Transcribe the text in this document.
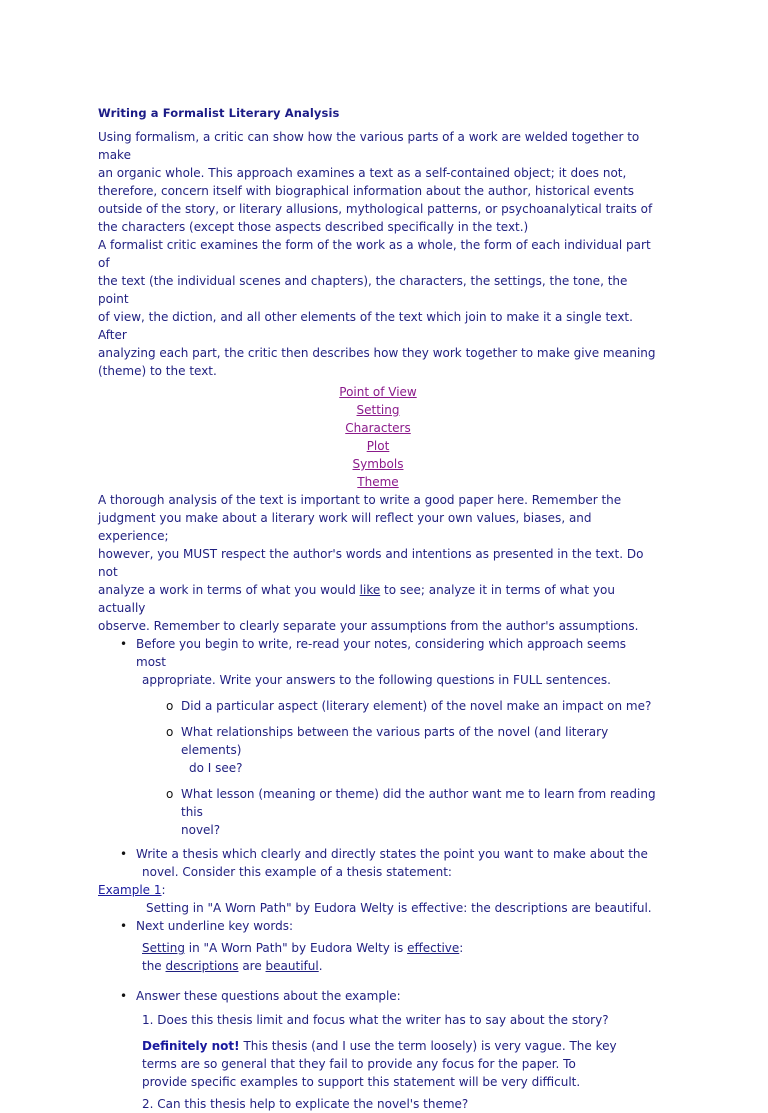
Writing a Formalist Literary Analysis

Using formalism, a critic can show how the various parts of a work are welded together to make
an organic whole. This approach examines a text as a self-contained object; it does not,
therefore, concern itself with biographical information about the author, historical events
outside of the story, or literary allusions, mythological patterns, or psychoanalytical traits of
the characters (except those aspects described specifically in the text.)
A formalist critic examines the form of the work as a whole, the form of each individual part of
the text (the individual scenes and chapters), the characters, the settings, the tone, the point
of view, the diction, and all other elements of the text which join to make it a single text. After
analyzing each part, the critic then describes how they work together to make give meaning
(theme) to the text.

Point of View
Setting
Characters
Plot
Symbols
Theme

A thorough analysis of the text is important to write a good paper here. Remember the
judgment you make about a literary work will reflect your own values, biases, and experience;
however, you MUST respect the author's words and intentions as presented in the text. Do not
analyze a work in terms of what you would like to see; analyze it in terms of what you actually
observe. Remember to clearly separate your assumptions from the author's assumptions.

• Before you begin to write, re-read your notes, considering which approach seems most
appropriate. Write your answers to the following questions in FULL sentences.
o Did a particular aspect (literary element) of the novel make an impact on me?
o What relationships between the various parts of the novel (and literary elements)
do I see?
o What lesson (meaning or theme) did the author want me to learn from reading this
novel?
• Write a thesis which clearly and directly states the point you want to make about the
novel. Consider this example of a thesis statement:
Example 1:
Setting in "A Worn Path" by Eudora Welty is effective: the descriptions are beautiful.
• Next underline key words:
Setting in "A Worn Path" by Eudora Welty is effective:
the descriptions are beautiful.
• Answer these questions about the example:
1. Does this thesis limit and focus what the writer has to say about the story?
Definitely not! This thesis (and I use the term loosely) is very vague. The key
terms are so general that they fail to provide any focus for the paper. To
provide specific examples to support this statement will be very difficult.
2. Can this thesis help to explicate the novel's theme?
